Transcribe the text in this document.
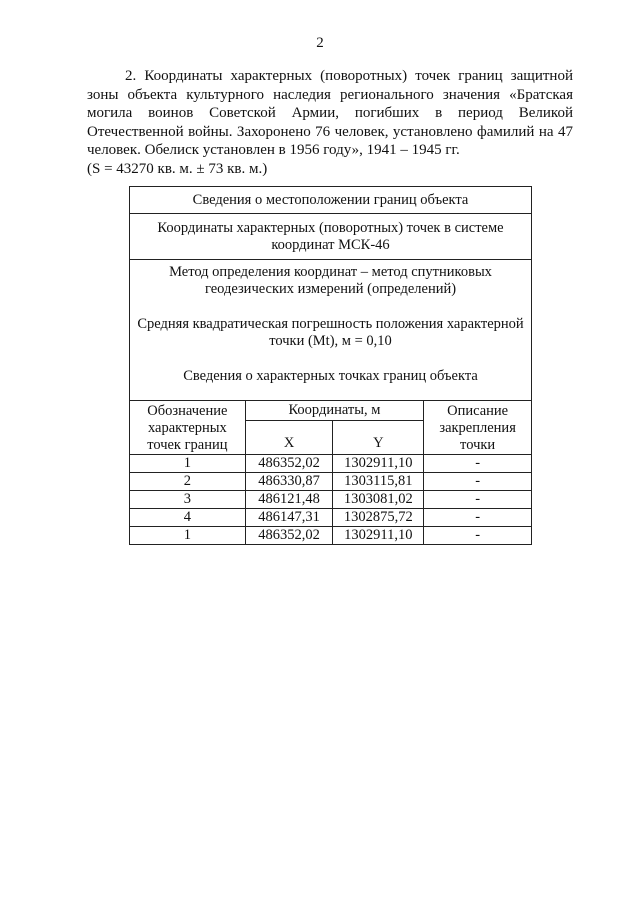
2

2. Координаты характерных (поворотных) точек границ защитной зоны объекта культурного наследия регионального значения «Братская могила воинов Советской Армии, погибших в период Великой Отечественной войны. Захоронено 76 человек, установлено фамилий на 47 человек. Обелиск установлен в 1956 году», 1941 – 1945 гг.

(S = 43270 кв. м. ± 73 кв. м.)

Сведения о местоположении границ объекта			
Координаты характерных (поворотных) точек в системе координат МСК-46			

Метод определения координат – метод спутниковых геодезических измерений (определений)
Средняя квадратическая погрешность положения характерной точки (Мt), м = 0,10
Сведения о характерных точках границ объекта			

Обозначение характерных точек границ	Координаты, м		Описание закрепления точки
	X	Y	
1	486352,02	1302911,10	-
2	486330,87	1303115,81	-
3	486121,48	1303081,02	-
4	486147,31	1302875,72	-
1	486352,02	1302911,10	-
